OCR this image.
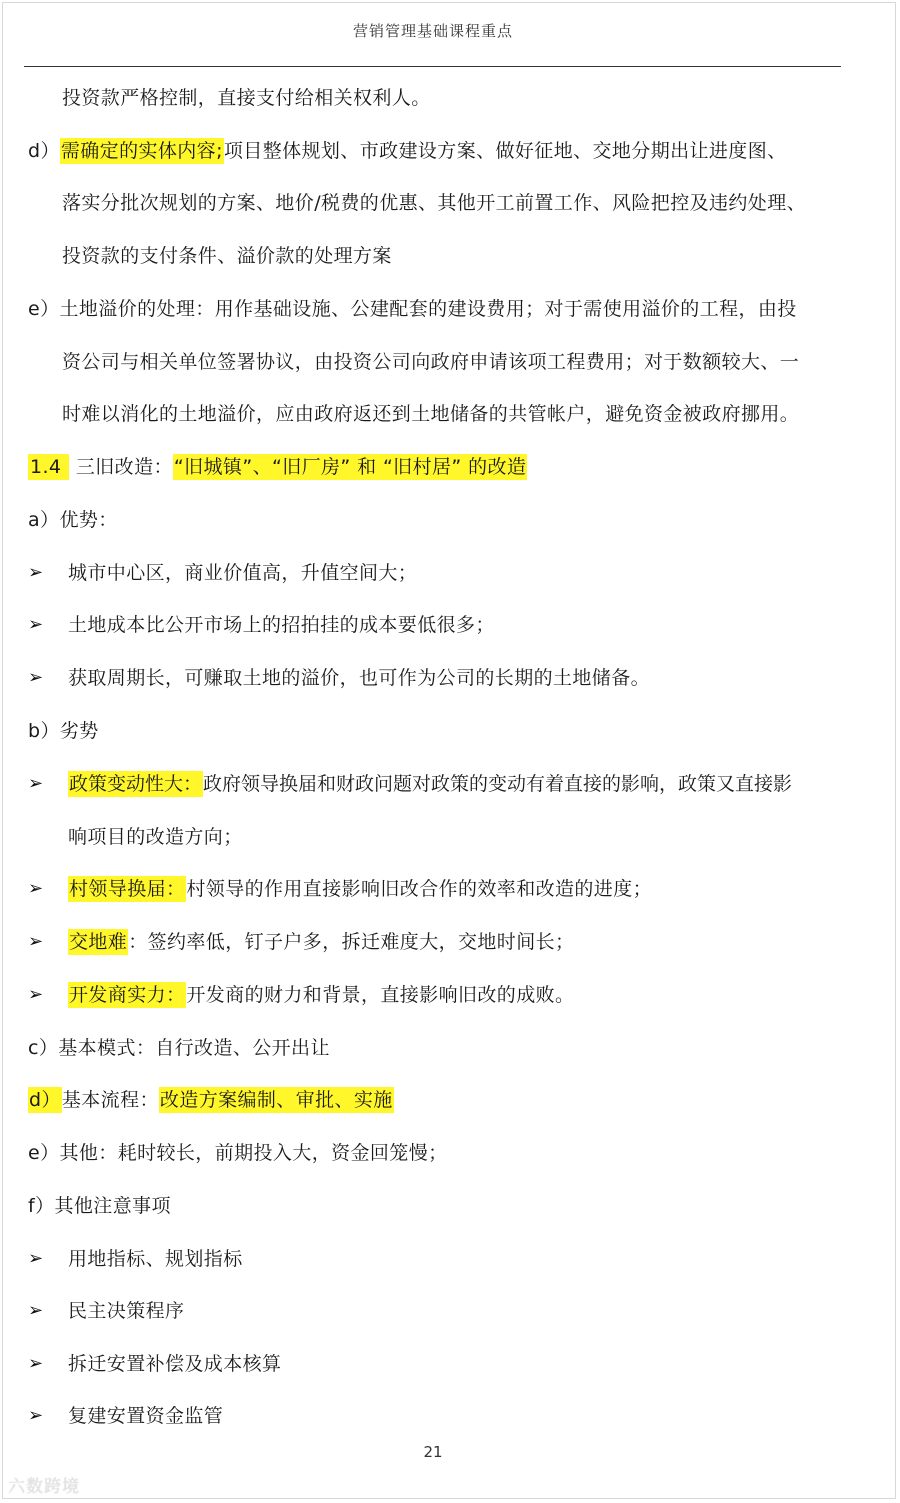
营销管理基础课程重点
投资款严格控制，直接支付给相关权利人。
d）需确定的实体内容;项目整体规划、市政建设方案、做好征地、交地分期出让进度图、
落实分批次规划的方案、地价/税费的优惠、其他开工前置工作、风险把控及违约处理、
投资款的支付条件、溢价款的处理方案
e）土地溢价的处理：用作基础设施、公建配套的建设费用；对于需使用溢价的工程，由投
资公司与相关单位签署协议，由投资公司向政府申请该项工程费用；对于数额较大、一
时难以消化的土地溢价，应由政府返还到土地储备的共管帐户，避免资金被政府挪用。
1.4 三旧改造：“旧城镇”、“旧厂房” 和 “旧村居” 的改造
a）优势：
➢ 城市中心区，商业价值高，升值空间大；
➢ 土地成本比公开市场上的招拍挂的成本要低很多；
➢ 获取周期长，可赚取土地的溢价，也可作为公司的长期的土地储备。
b）劣势
➢ 政策变动性大：政府领导换届和财政问题对政策的变动有着直接的影响，政策又直接影
响项目的改造方向；
➢ 村领导换届：村领导的作用直接影响旧改合作的效率和改造的进度；
➢ 交地难：签约率低，钉子户多，拆迁难度大，交地时间长；
➢ 开发商实力：开发商的财力和背景，直接影响旧改的成败。
c）基本模式：自行改造、公开出让
d）基本流程：改造方案编制、审批、实施
e）其他：耗时较长，前期投入大，资金回笼慢；
f）其他注意事项
➢ 用地指标、规划指标
➢ 民主决策程序
➢ 拆迁安置补偿及成本核算
➢ 复建安置资金监管
21
六数跨境
